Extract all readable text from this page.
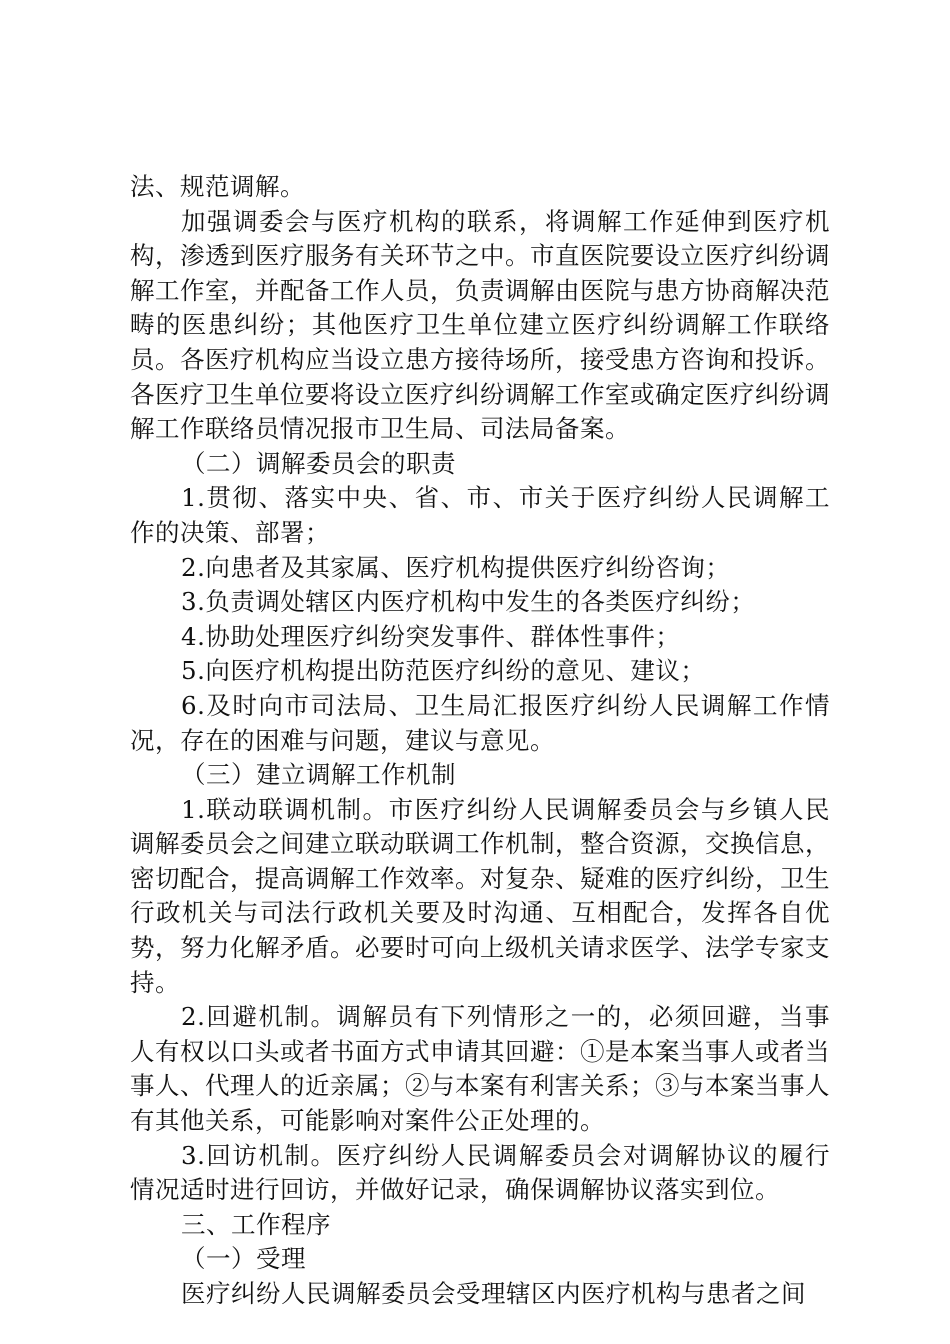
法、规范调解。

加强调委会与医疗机构的联系，将调解工作延伸到医疗机构，渗透到医疗服务有关环节之中。市直医院要设立医疗纠纷调解工作室，并配备工作人员，负责调解由医院与患方协商解决范畴的医患纠纷；其他医疗卫生单位建立医疗纠纷调解工作联络员。各医疗机构应当设立患方接待场所，接受患方咨询和投诉。各医疗卫生单位要将设立医疗纠纷调解工作室或确定医疗纠纷调解工作联络员情况报市卫生局、司法局备案。

（二）调解委员会的职责

1.贯彻、落实中央、省、市、市关于医疗纠纷人民调解工作的决策、部署；

2.向患者及其家属、医疗机构提供医疗纠纷咨询；

3.负责调处辖区内医疗机构中发生的各类医疗纠纷；

4.协助处理医疗纠纷突发事件、群体性事件；

5.向医疗机构提出防范医疗纠纷的意见、建议；

6.及时向市司法局、卫生局汇报医疗纠纷人民调解工作情况，存在的困难与问题，建议与意见。

（三）建立调解工作机制

1.联动联调机制。市医疗纠纷人民调解委员会与乡镇人民调解委员会之间建立联动联调工作机制，整合资源，交换信息，密切配合，提高调解工作效率。对复杂、疑难的医疗纠纷，卫生行政机关与司法行政机关要及时沟通、互相配合，发挥各自优势，努力化解矛盾。必要时可向上级机关请求医学、法学专家支持。

2.回避机制。调解员有下列情形之一的，必须回避，当事人有权以口头或者书面方式申请其回避：①是本案当事人或者当事人、代理人的近亲属；②与本案有利害关系；③与本案当事人有其他关系，可能影响对案件公正处理的。

3.回访机制。医疗纠纷人民调解委员会对调解协议的履行情况适时进行回访，并做好记录，确保调解协议落实到位。

三、工作程序

（一）受理

医疗纠纷人民调解委员会受理辖区内医疗机构与患者之间
